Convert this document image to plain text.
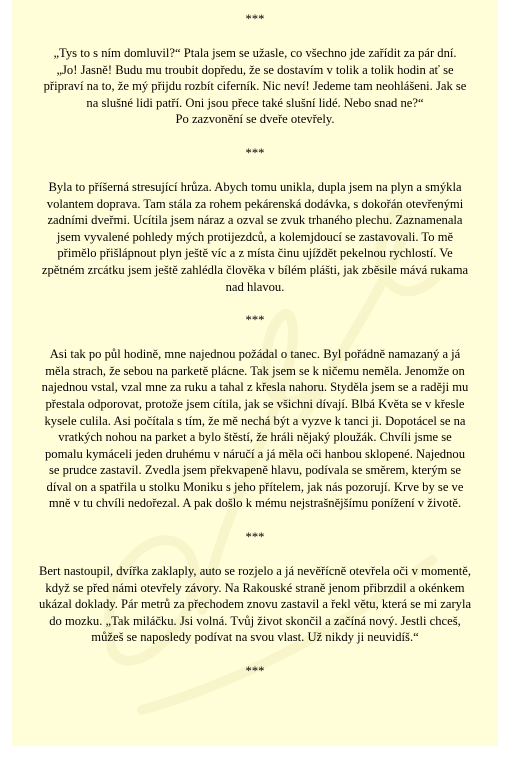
***
„Tys to s ním domluvil?“ Ptala jsem se užasle, co všechno jde zařídit za pár dní.
„Jo! Jasně! Budu mu troubit dopředu, že se dostavím v tolik a tolik hodin ať se
připraví na to, že mý přijdu rozbít ciferník. Nic neví! Jedeme tam neohlášeni. Jak se
na slušné lidi patří. Oni jsou přece také slušní lidé. Nebo snad ne?“
Po zazvonění se dveře otevřely.
***
Byla to příšerná stresující hrůza. Abych tomu unikla, dupla jsem na plyn a smýkla
volantem doprava. Tam stála za rohem pekárenská dodávka, s dokořán otevřenými
zadními dveřmi. Ucítila jsem náraz a ozval se zvuk trhaného plechu. Zaznamenala
jsem vyvalené pohledy mých protijezdců, a kolemjdoucí se zastavovali. To mě
přimělo přišlápnout plyn ještě víc a z místa činu ujíždět pekelnou rychlostí. Ve
zpětném zrcátku jsem ještě zahlédla člověka v bílém plášti, jak zběsile mává rukama
nad hlavou.
***
Asi tak po půl hodině, mne najednou požádal o tanec. Byl pořádně namazaný a já
měla strach, že sebou na parketě plácne. Tak jsem se k ničemu neměla. Jenomže on
najednou vstal, vzal mne za ruku a tahal z křesla nahoru. Styděla jsem se a raději mu
přestala odporovat, protože jsem cítila, jak se všichni dívají. Blbá Květa se v křesle
kysele culila. Asi počítala s tím, že mě nechá být a vyzve k tanci ji. Dopotácel se na
vratkých nohou na parket a bylo štěstí, že hráli nějaký ploužák. Chvíli jsme se
pomalu kymáceli jeden druhému v náručí a já měla oči hanbou sklopené. Najednou
se prudce zastavil. Zvedla jsem překvapeně hlavu, podívala se směrem, kterým se
díval on a spatřila u stolku Moniku s jeho přítelem, jak nás pozorují. Krve by se ve
mně v tu chvíli nedořezal. A pak došlo k mému nejstrašnějšímu ponížení v životě.
***
Bert nastoupil, dvířka zaklaply, auto se rozjelo a já nevěřícně otevřela oči v momentě,
když se před námi otevřely závory. Na Rakouské straně jenom přibrzdil a okénkem
ukázal doklady. Pár metrů za přechodem znovu zastavil a řekl větu, která se mi zaryla
do mozku. „Tak miláčku. Jsi volná. Tvůj život skončil a začíná nový. Jestli chceš,
můžeš se naposledy podívat na svou vlast. Už nikdy ji neuvidíš.“
***
